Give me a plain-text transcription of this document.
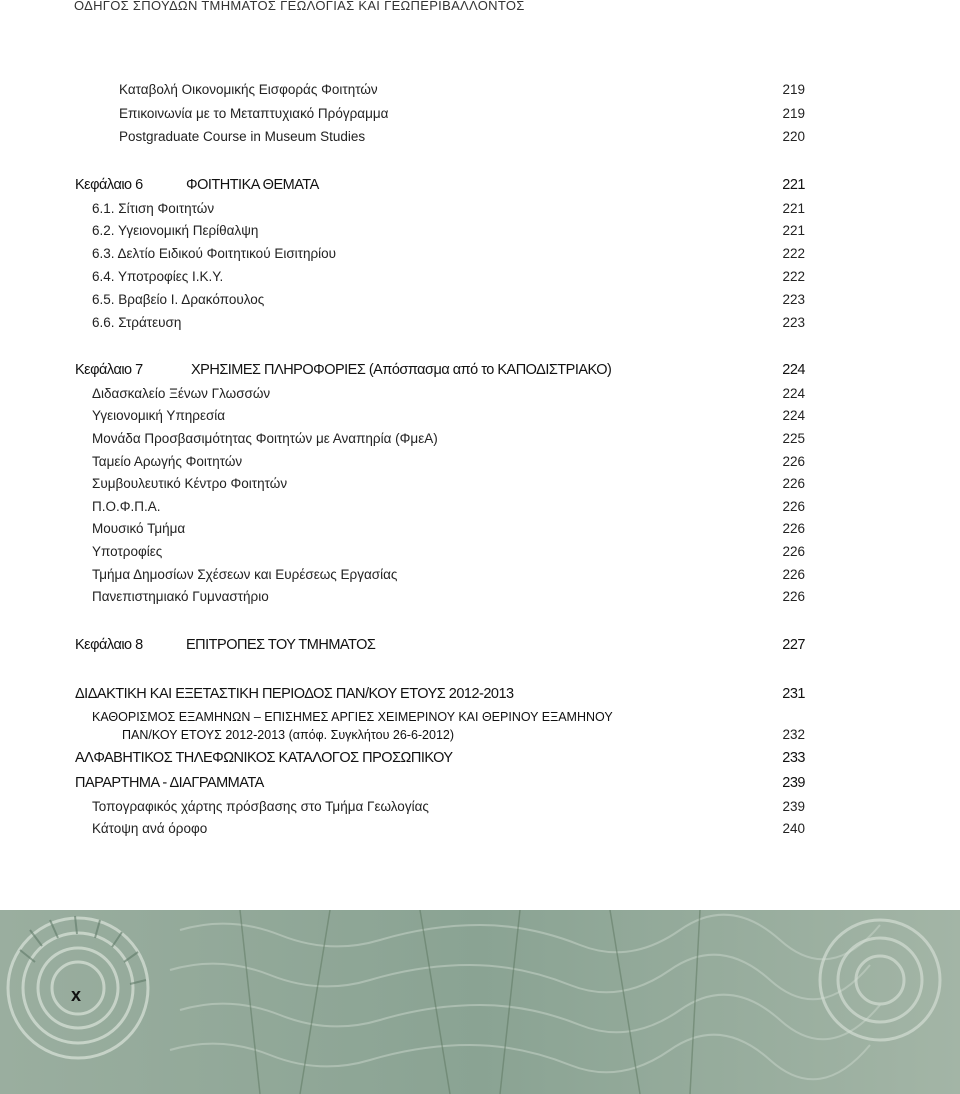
ΟΔΗΓΟΣ ΣΠΟΥΔΩΝ ΤΜΗΜΑΤΟΣ ΓΕΩΛΟΓΙΑΣ ΚΑΙ ΓΕΩΠΕΡΙΒΑΛΛΟΝΤΟΣ
Καταβολή Οικονομικής Εισφοράς Φοιτητών	219
Επικοινωνία με το Μεταπτυχιακό Πρόγραμμα	219
Postgraduate Course in Museum Studies	220
Κεφάλαιο 6	ΦΟΙΤΗΤΙΚΑ ΘΕΜΑΤΑ	221
6.1. Σίτιση Φοιτητών	221
6.2. Υγειονομική Περίθαλψη	221
6.3. Δελτίο Ειδικού Φοιτητικού Εισιτηρίου	222
6.4. Υποτροφίες Ι.Κ.Υ.	222
6.5. Βραβείο Ι. Δρακόπουλος	223
6.6. Στράτευση	223
Κεφάλαιο 7	ΧΡΗΣΙΜΕΣ ΠΛΗΡΟΦΟΡΙΕΣ (Απόσπασμα από το ΚΑΠΟΔΙΣΤΡΙΑΚΟ)	224
Διδασκαλείο Ξένων Γλωσσών	224
Υγειονομική Υπηρεσία	224
Μονάδα Προσβασιμότητας Φοιτητών με Αναπηρία (ΦμεΑ)	225
Ταμείο Αρωγής Φοιτητών	226
Συμβουλευτικό Κέντρο Φοιτητών	226
Π.Ο.Φ.Π.Α.	226
Μουσικό Τμήμα	226
Υποτροφίες	226
Τμήμα Δημοσίων Σχέσεων και Ευρέσεως Εργασίας	226
Πανεπιστημιακό Γυμναστήριο	226
Κεφάλαιο 8	ΕΠΙΤΡΟΠΕΣ ΤΟΥ ΤΜΗΜΑΤΟΣ	227
ΔΙΔΑΚΤΙΚΗ ΚΑΙ ΕΞΕΤΑΣΤΙΚΗ ΠΕΡΙΟΔΟΣ ΠΑΝ/ΚΟΥ ΕΤΟΥΣ 2012-2013	231
ΚΑΘΟΡΙΣΜΟΣ ΕΞΑΜΗΝΩΝ – ΕΠΙΣΗΜΕΣ ΑΡΓΙΕΣ ΧΕΙΜΕΡΙΝΟΥ ΚΑΙ ΘΕΡΙΝΟΥ ΕΞΑΜΗΝΟΥ
ΠΑΝ/ΚΟΥ ΕΤΟΥΣ 2012-2013 (απόφ. Συγκλήτου 26-6-2012)	232
ΑΛΦΑΒΗΤΙΚΟΣ ΤΗΛΕΦΩΝΙΚΟΣ ΚΑΤΑΛΟΓΟΣ ΠΡΟΣΩΠΙΚΟΥ	233
ΠΑΡΑΡΤΗΜΑ - ΔΙΑΓΡΑΜΜΑΤΑ	239
Τοπογραφικός χάρτης πρόσβασης στο Τμήμα Γεωλογίας	239
Κάτοψη ανά όροφο	240
x
